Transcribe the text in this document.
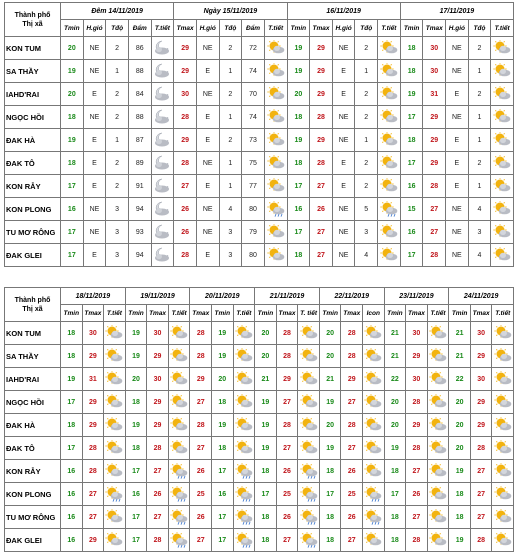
Thành phố
Thị xã	Đêm 14/11/2019					Ngày 15/11/2019					16/11/2019					17/11/2019				
	Tmin	H.gió	Tđộ	Đẩm	T.tiết	Tmax	H.gió	Tđộ	Đẩm	T.tiết	Tmin	Tmax	H.gió	Tđộ	T.tiết	Tmin	Tmax	H.gió	Tđộ	T.tiết
KON TUM	20	NE	2	86		29	NE	2	72		19	29	NE	2		18	30	NE	2	

SA THẦY	19	NE	1	88		29	E	1	74		19	29	E	1		18	30	NE	1	

IAHD'RAI	20	E	2	84		30	NE	2	70		20	29	E	2		19	31	E	2	

NGỌC HỒI	18	NE	2	88		28	E	1	74		18	28	NE	2		17	29	NE	1	

ĐAK HÀ	19	E	1	87		29	E	2	73		19	29	NE	1		18	29	E	1	

ĐAK TÔ	18	E	2	89		28	NE	1	75		18	28	E	2		17	29	E	2	

KON RẪY	17	E	2	91		27	E	1	77		17	27	E	2		16	28	E	1	

KON PLONG	16	NE	3	94		26	NE	4	80		16	26	NE	5		15	27	NE	4	

TU MƠ RÔNG	17	NE	3	93		26	NE	3	79		17	27	NE	3		16	27	NE	3	

ĐAK GLEI	17	E	3	94		28	E	3	80		18	27	NE	4		17	28	NE	4	
Thành phố
Thị xã	18/11/2019			19/11/2019			20/11/2019			21/11/2019			22/11/2019			23/11/2019			24/11/2019		
	Tmin	Tmax	T.tiết	Tmin	Tmax	T.tiết	Tmax	Tmin	T.tiết	Tmin	Tmax	T. tiết	Tmin	Tmax	Icon	Tmin	Tmax	T.tiết	Tmin	Tmax	T.tiết
KON TUM	18	30		19	30		28	19		20	28		20	28		21	30		21	30	

SA THẦY	18	29		19	29		28	19		20	28		20	28		21	29		21	29	

IAHD'RAI	19	31		20	30		29	20		21	29		21	29		22	30		22	30	

NGỌC HỒI	17	29		18	29		27	18		19	27		19	27		20	28		20	29	

ĐAK HÀ	18	29		19	29		28	19		19	28		20	28		20	29		20	29	

ĐAK TÔ	17	28		18	28		27	18		19	27		19	27		19	28		20	28	

KON RẪY	16	28		17	27		26	17		18	26		18	26		18	27		19	27	

KON PLONG	16	27		16	26		25	16		17	25		17	25		17	26		18	27	

TU MƠ RÔNG	16	27		17	27		26	17		18	26		18	26		18	27		18	27	

ĐAK GLEI	16	29		17	28		27	17		18	27		18	27		18	28		19	28	
